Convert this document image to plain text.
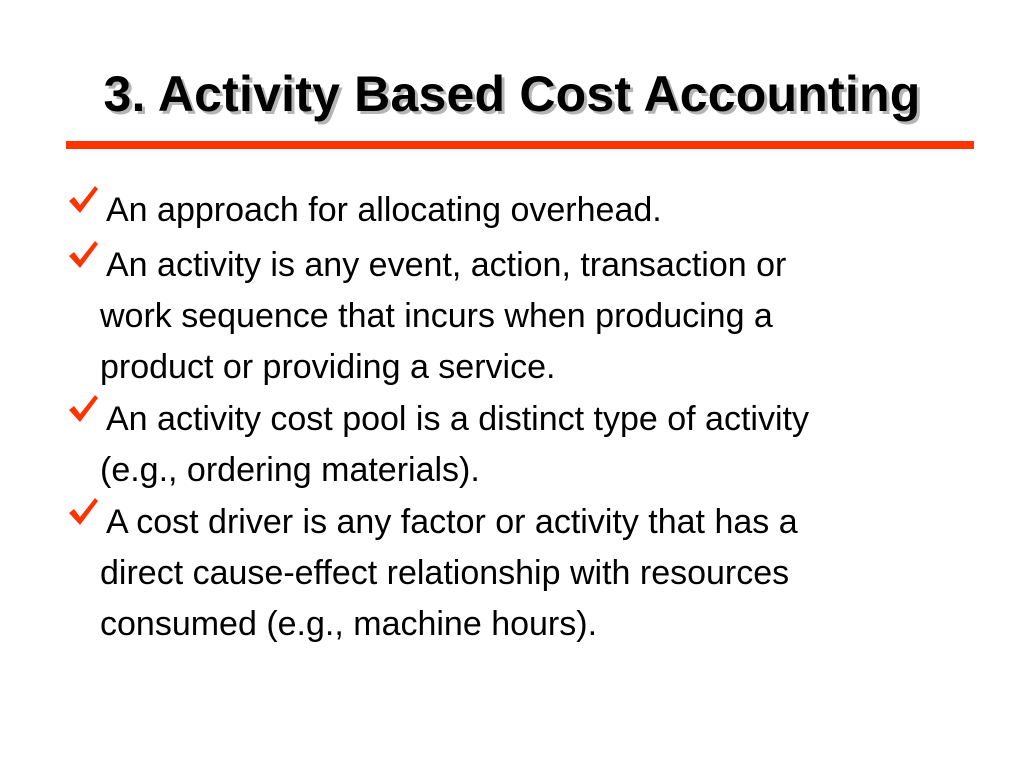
3. Activity Based Cost Accounting
An approach for allocating overhead.
An activity is any event, action, transaction or
work sequence that incurs when producing a
product or providing a service.
An activity cost pool is a distinct type of activity
(e.g., ordering materials).
A cost driver is any factor or activity that has a
direct cause-effect relationship with resources
consumed (e.g., machine hours).
